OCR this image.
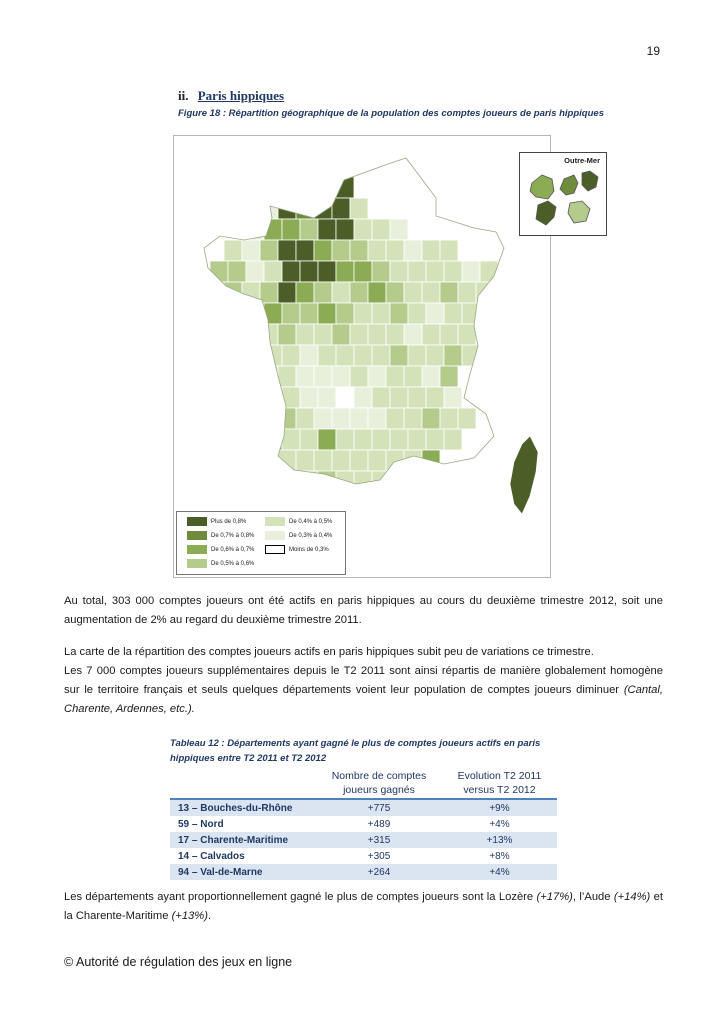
19
ii. Paris hippiques
Figure 18 : Répartition géographique de la population des comptes joueurs de paris hippiques
Outre-Mer
Plus de 0,8%
De 0,7% à 0,8%
De 0,6% à 0,7%
De 0,5% à 0,6%
De 0,4% à 0,5%
De 0,3% à 0,4%
Moins de 0,3%
Au total, 303 000 comptes joueurs ont été actifs en paris hippiques au cours du deuxième trimestre 2012, soit une augmentation de 2% au regard du deuxième trimestre 2011.
La carte de la répartition des comptes joueurs actifs en paris hippiques subit peu de variations ce trimestre.
Les 7 000 comptes joueurs supplémentaires depuis le T2 2011 sont ainsi répartis de manière globalement homogène sur le territoire français et seuls quelques départements voient leur population de comptes joueurs diminuer (Cantal, Charente, Ardennes, etc.).
Tableau 12 : Départements ayant gagné le plus de comptes joueurs actifs en paris hippiques entre T2 2011 et T2 2012
	Nombre de comptes joueurs gagnés	Evolution T2 2011 versus T2 2012
13 – Bouches-du-Rhône	+775	+9%
59 – Nord	+489	+4%
17 – Charente-Maritime	+315	+13%
14 – Calvados	+305	+8%
94 – Val-de-Marne	+264	+4%
Les départements ayant proportionnellement gagné le plus de comptes joueurs sont la Lozère (+17%), l’Aude (+14%) et la Charente-Maritime (+13%).
© Autorité de régulation des jeux en ligne
